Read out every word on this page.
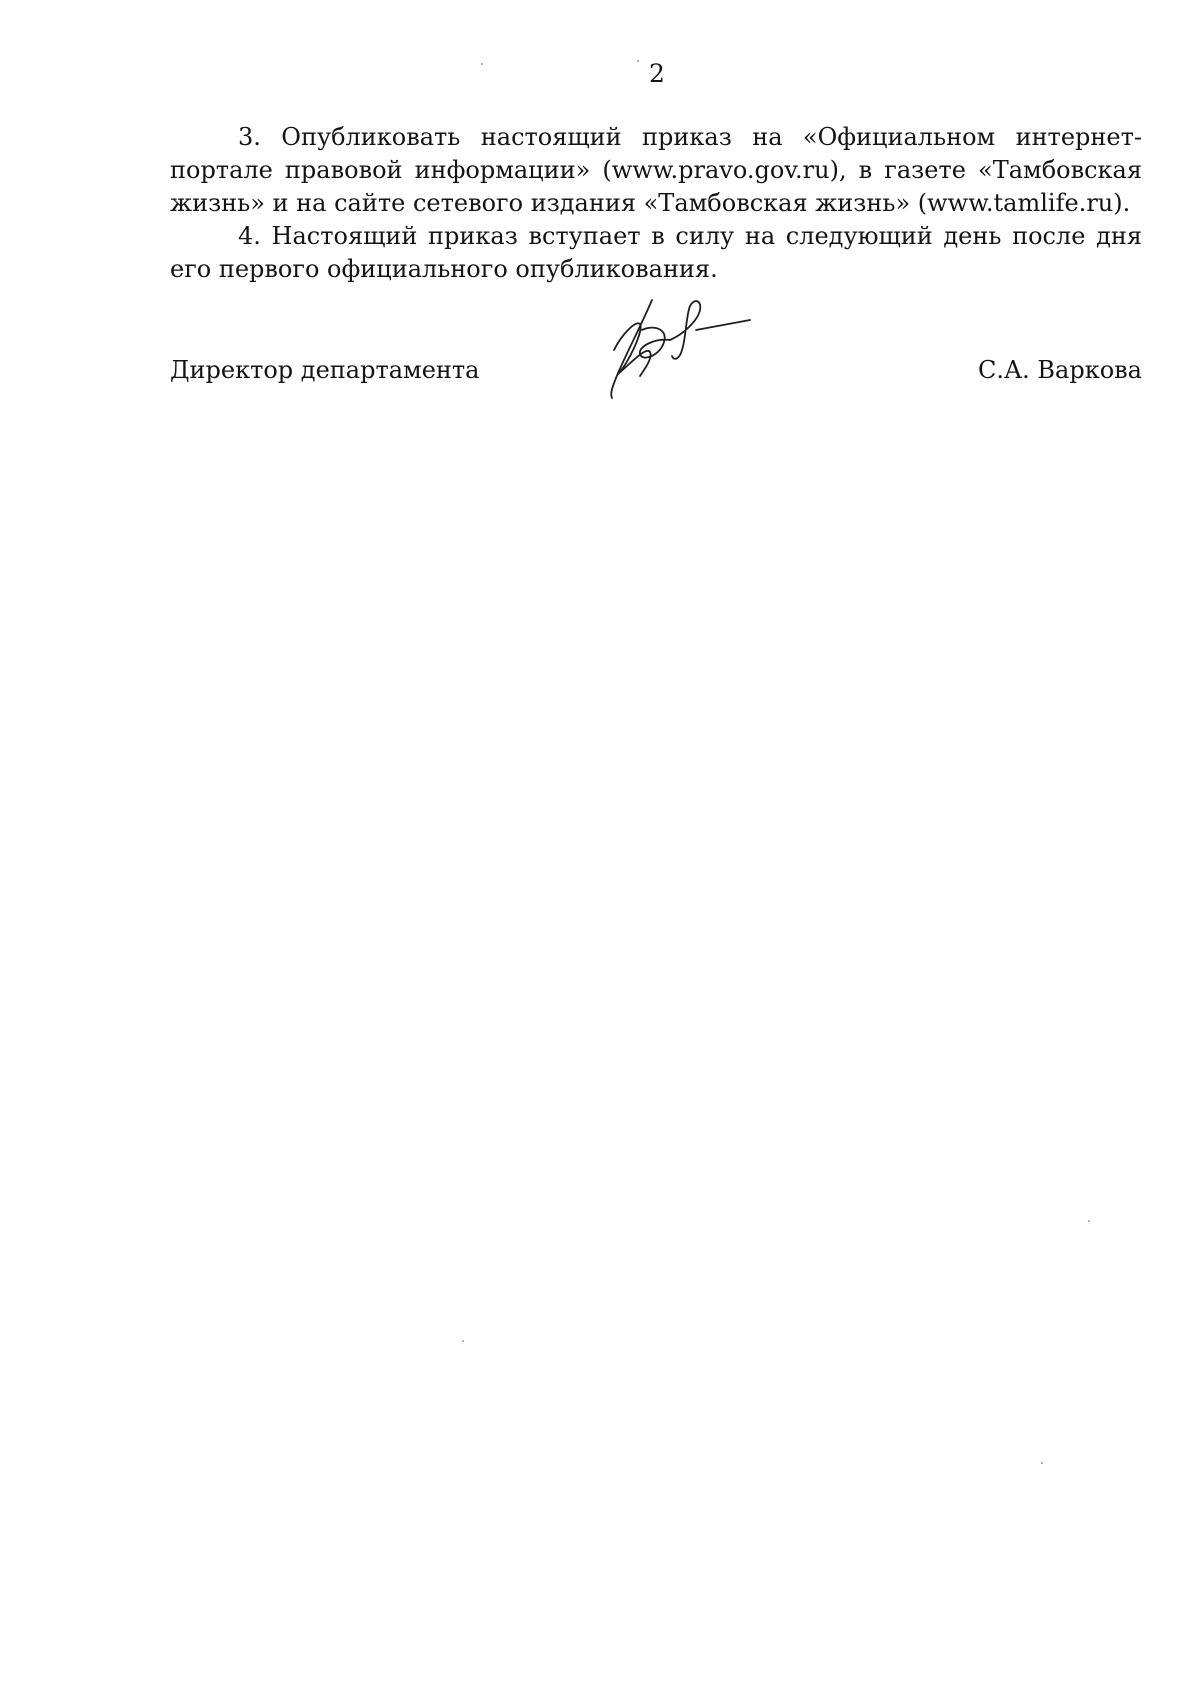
2

3. Опубликовать настоящий приказ на «Официальном интернет-портале правовой информации» (www.pravo.gov.ru), в газете «Тамбовская жизнь» и на сайте сетевого издания «Тамбовская жизнь» (www.tamlife.ru).

4. Настоящий приказ вступает в силу на следующий день после дня его первого официального опубликования.

Директор департамента	С.А. Варкова
